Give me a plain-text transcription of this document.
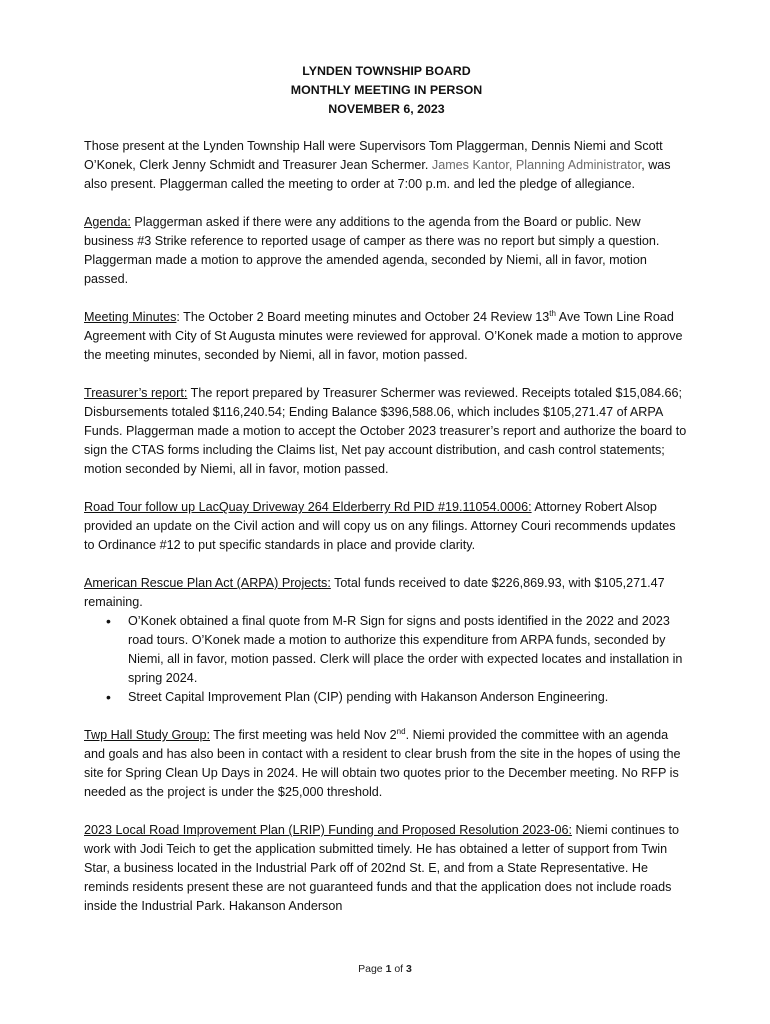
LYNDEN TOWNSHIP BOARD
MONTHLY MEETING IN PERSON
NOVEMBER 6, 2023

Those present at the Lynden Township Hall were Supervisors Tom Plaggerman, Dennis Niemi and Scott O’Konek, Clerk Jenny Schmidt and Treasurer Jean Schermer. James Kantor, Planning Administrator, was also present. Plaggerman called the meeting to order at 7:00 p.m. and led the pledge of allegiance.

Agenda: Plaggerman asked if there were any additions to the agenda from the Board or public. New business #3 Strike reference to reported usage of camper as there was no report but simply a question. Plaggerman made a motion to approve the amended agenda, seconded by Niemi, all in favor, motion passed.

Meeting Minutes: The October 2 Board meeting minutes and October 24 Review 13th Ave Town Line Road Agreement with City of St Augusta minutes were reviewed for approval. O’Konek made a motion to approve the meeting minutes, seconded by Niemi, all in favor, motion passed.

Treasurer’s report: The report prepared by Treasurer Schermer was reviewed. Receipts totaled $15,084.66; Disbursements totaled $116,240.54; Ending Balance $396,588.06, which includes $105,271.47 of ARPA Funds. Plaggerman made a motion to accept the October 2023 treasurer’s report and authorize the board to sign the CTAS forms including the Claims list, Net pay account distribution, and cash control statements; motion seconded by Niemi, all in favor, motion passed.

Road Tour follow up LacQuay Driveway 264 Elderberry Rd PID #19.11054.0006: Attorney Robert Alsop provided an update on the Civil action and will copy us on any filings. Attorney Couri recommends updates to Ordinance #12 to put specific standards in place and provide clarity.

American Rescue Plan Act (ARPA) Projects: Total funds received to date $226,869.93, with $105,271.47 remaining.

• O’Konek obtained a final quote from M-R Sign for signs and posts identified in the 2022 and 2023 road tours. O’Konek made a motion to authorize this expenditure from ARPA funds, seconded by Niemi, all in favor, motion passed. Clerk will place the order with expected locates and installation in spring 2024.
• Street Capital Improvement Plan (CIP) pending with Hakanson Anderson Engineering.

Twp Hall Study Group: The first meeting was held Nov 2nd. Niemi provided the committee with an agenda and goals and has also been in contact with a resident to clear brush from the site in the hopes of using the site for Spring Clean Up Days in 2024. He will obtain two quotes prior to the December meeting. No RFP is needed as the project is under the $25,000 threshold.

2023 Local Road Improvement Plan (LRIP) Funding and Proposed Resolution 2023-06: Niemi continues to work with Jodi Teich to get the application submitted timely. He has obtained a letter of support from Twin Star, a business located in the Industrial Park off of 202nd St. E, and from a State Representative. He reminds residents present these are not guaranteed funds and that the application does not include roads inside the Industrial Park. Hakanson Anderson

Page 1 of 3
